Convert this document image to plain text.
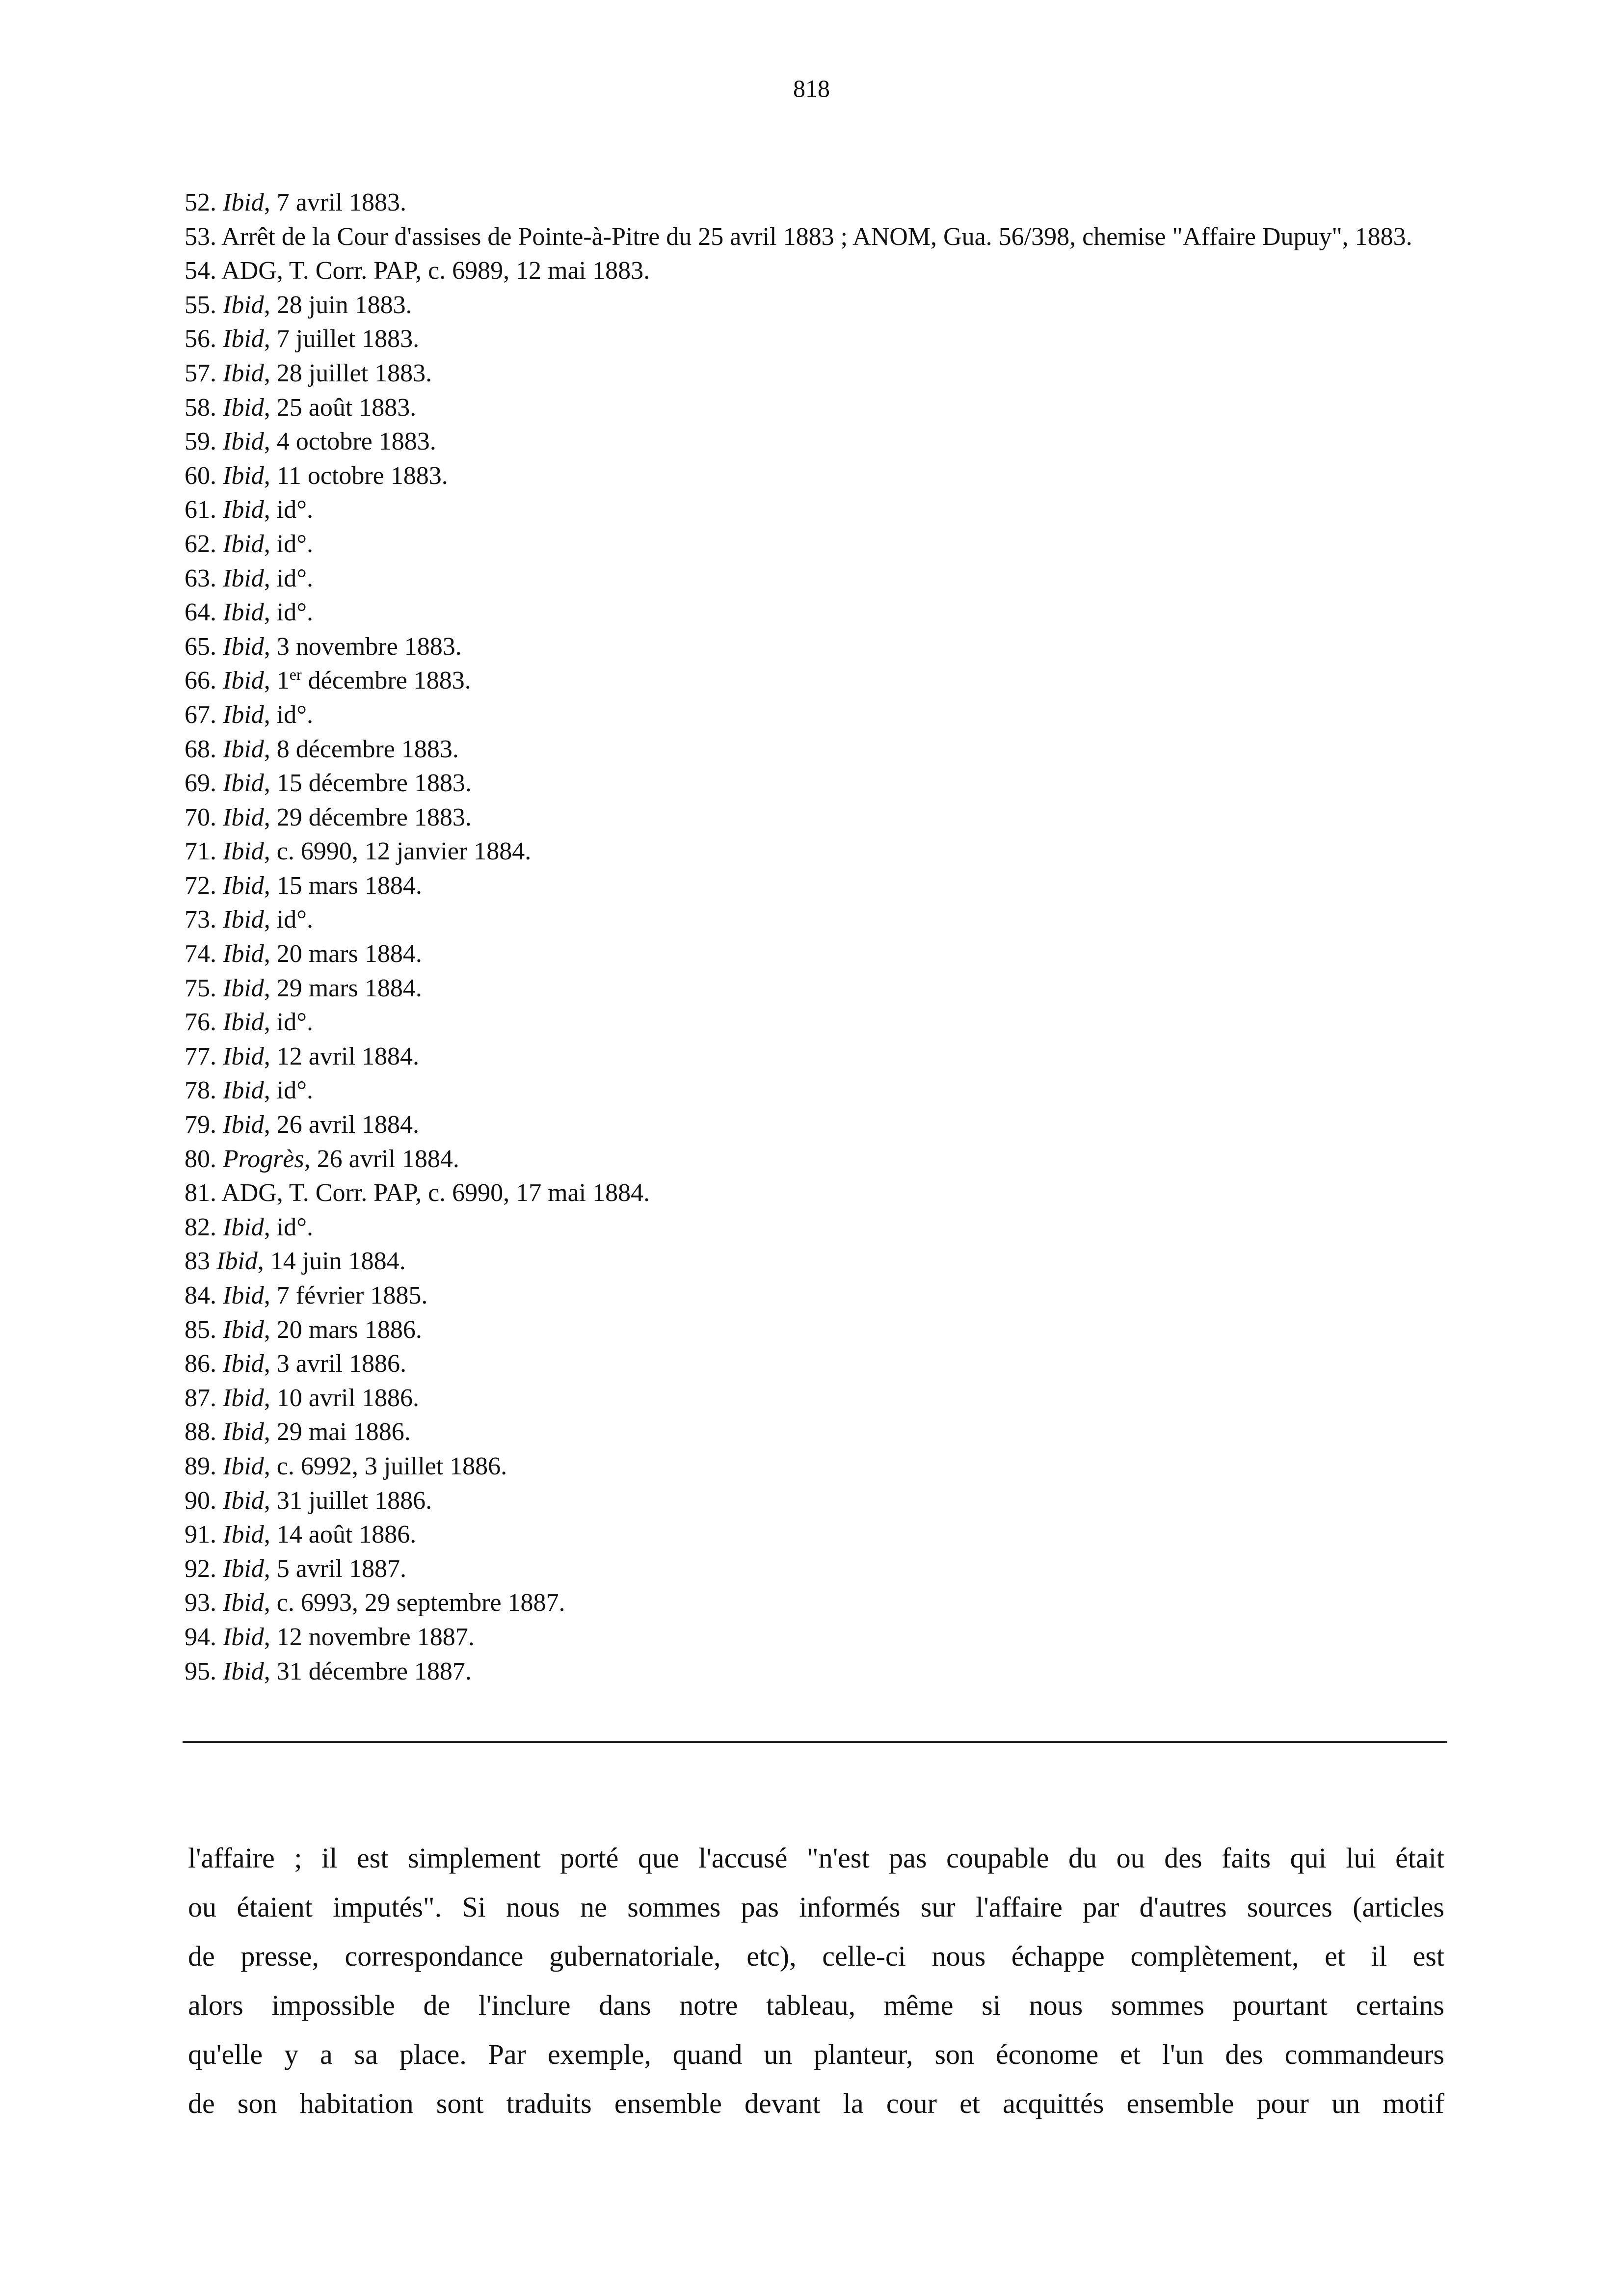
818
52. Ibid, 7 avril 1883.
53. Arrêt de la Cour d'assises de Pointe-à-Pitre du 25 avril 1883 ; ANOM, Gua. 56/398, chemise "Affaire Dupuy", 1883.
54. ADG, T. Corr. PAP, c. 6989, 12 mai 1883.
55. Ibid, 28 juin 1883.
56. Ibid, 7 juillet 1883.
57. Ibid, 28 juillet 1883.
58. Ibid, 25 août 1883.
59. Ibid, 4 octobre 1883.
60. Ibid, 11 octobre 1883.
61. Ibid, id°.
62. Ibid, id°.
63. Ibid, id°.
64. Ibid, id°.
65. Ibid, 3 novembre 1883.
66. Ibid, 1er décembre 1883.
67. Ibid, id°.
68. Ibid, 8 décembre 1883.
69. Ibid, 15 décembre 1883.
70. Ibid, 29 décembre 1883.
71. Ibid, c. 6990, 12 janvier 1884.
72. Ibid, 15 mars 1884.
73. Ibid, id°.
74. Ibid, 20 mars 1884.
75. Ibid, 29 mars 1884.
76. Ibid, id°.
77. Ibid, 12 avril 1884.
78. Ibid, id°.
79. Ibid, 26 avril 1884.
80. Progrès, 26 avril 1884.
81. ADG, T. Corr. PAP, c. 6990, 17 mai 1884.
82. Ibid, id°.
83 Ibid, 14 juin 1884.
84. Ibid, 7 février 1885.
85. Ibid, 20 mars 1886.
86. Ibid, 3 avril 1886.
87. Ibid, 10 avril 1886.
88. Ibid, 29 mai 1886.
89. Ibid, c. 6992, 3 juillet 1886.
90. Ibid, 31 juillet 1886.
91. Ibid, 14 août 1886.
92. Ibid, 5 avril 1887.
93. Ibid, c. 6993, 29 septembre 1887.
94. Ibid, 12 novembre 1887.
95. Ibid, 31 décembre 1887.
l'affaire ; il est simplement porté que l'accusé "n'est pas coupable du ou des faits qui lui était
ou étaient imputés". Si nous ne sommes pas informés sur l'affaire par d'autres sources (articles
de presse, correspondance gubernatoriale, etc), celle-ci nous échappe complètement, et il est
alors impossible de l'inclure dans notre tableau, même si nous sommes pourtant certains
qu'elle y a sa place. Par exemple, quand un planteur, son économe et l'un des commandeurs
de son habitation sont traduits ensemble devant la cour et acquittés ensemble pour un motif
